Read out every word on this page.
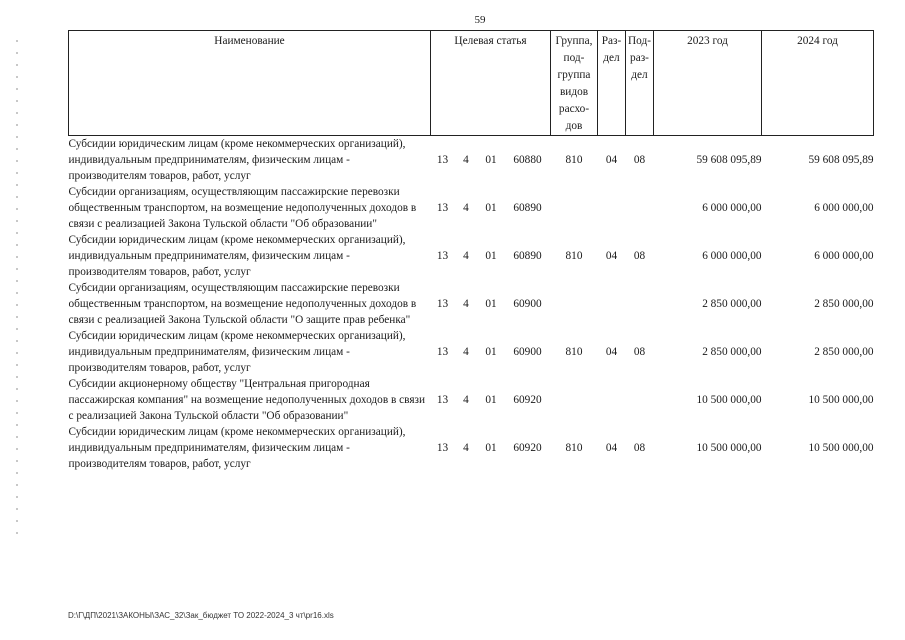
59
Наименование	Целевая статья				Группа, под- группа видов расхо- дов	Раз- дел	Под- раз- дел	2023 год	2024 год
Субсидии юридическим лицам (кроме некоммерческих организаций), индивидуальным предпринимателям, физическим лицам - производителям товаров, работ, услуг	13	4	01	60880	810	04	08	59 608 095,89	59 608 095,89
Субсидии организациям, осуществляющим пассажирские перевозки общественным транспортом, на возмещение недополученных доходов в связи с реализацией Закона Тульской области "Об образовании"	13	4	01	60890				6 000 000,00	6 000 000,00
Субсидии юридическим лицам (кроме некоммерческих организаций), индивидуальным предпринимателям, физическим лицам - производителям товаров, работ, услуг	13	4	01	60890	810	04	08	6 000 000,00	6 000 000,00
Субсидии организациям, осуществляющим пассажирские перевозки общественным транспортом, на возмещение недополученных доходов в связи с реализацией Закона Тульской области "О защите прав ребенка"	13	4	01	60900				2 850 000,00	2 850 000,00
Субсидии юридическим лицам (кроме некоммерческих организаций), индивидуальным предпринимателям, физическим лицам - производителям товаров, работ, услуг	13	4	01	60900	810	04	08	2 850 000,00	2 850 000,00
Субсидии акционерному обществу "Центральная пригородная пассажирская компания" на возмещение недополученных доходов в связи с реализацией Закона Тульской области "Об образовании"	13	4	01	60920				10 500 000,00	10 500 000,00
Субсидии юридическим лицам (кроме некоммерческих организаций), индивидуальным предпринимателям, физическим лицам - производителям товаров, работ, услуг	13	4	01	60920	810	04	08	10 500 000,00	10 500 000,00
D:\Г\ДП\2021\ЗАКОНЫ\ЗАС_32\Зак_бюджет ТО 2022-2024_3 чт\pr16.xls
